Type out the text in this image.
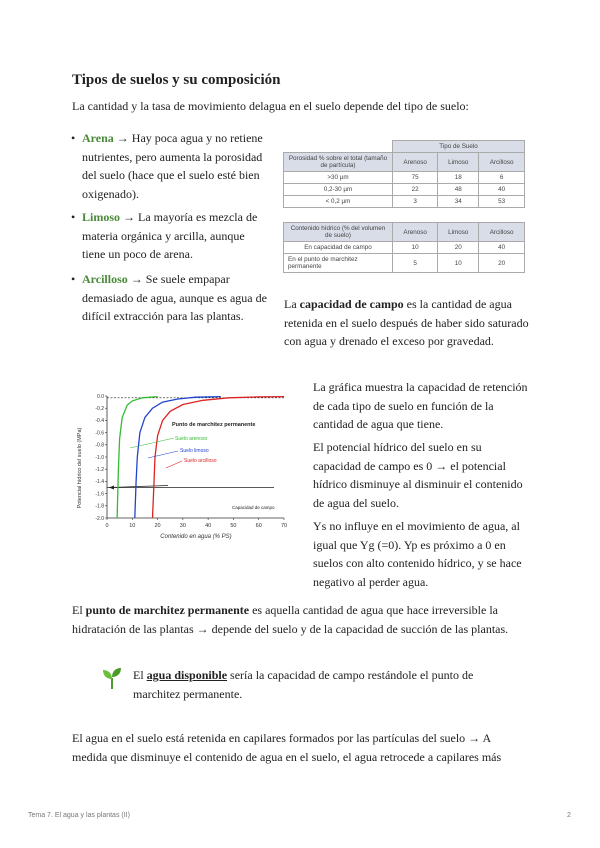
Tipos de suelos y su composición
La cantidad y la tasa de movimiento delagua en el suelo depende del tipo de suelo:
• Arena → Hay poca agua y no retiene nutrientes, pero aumenta la porosidad del suelo (hace que el suelo esté bien oxigenado).
• Limoso → La mayoría es mezcla de materia orgánica y arcilla, aunque tiene un poco de arena.
• Arcilloso → Se suele empapar demasiado de agua, aunque es agua de difícil extracción para las plantas.
	Tipo de Suelo		
Porosidad % sobre el total (tamaño de partícula)	Arenoso	Limoso	Arcilloso
>30 µm	75	18	6
0,2-30 µm	22	48	40
< 0,2 µm	3	34	53
Contenido hídrico (% del volumen de suelo)	Arenoso	Limoso	Arcilloso
En capacidad de campo	10	20	40
En el punto de marchitez permanente	5	10	20
La capacidad de campo es la cantidad de agua retenida en el suelo después de haber sido saturado con agua y drenado el exceso por gravedad.
-2.0
-1.8
-1.6
-1.4
-1.2
-1.0
-0.8
-0.6
-0.4
-0.2
0.0
0	10	20	30	40	50	60	70
Potencial hídrico del suelo (MPa)
Contenido en agua (% PS)
Punto de marchitez permanente
Capacidad de campo
Suelo arenoso
Suelo limoso
Suelo arcilloso
La gráfica muestra la capacidad de retención de cada tipo de suelo en función de la cantidad de agua que tiene.
El potencial hídrico del suelo en su capacidad de campo es 0 → el potencial hídrico disminuye al disminuir el contenido de agua del suelo.
Ys no influye en el movimiento de agua, al igual que Yg (=0). Yp es próximo a 0 en suelos con alto contenido hídrico, y se hace negativo al perder agua.
El punto de marchitez permanente es aquella cantidad de agua que hace irreversible la hidratación de las plantas → depende del suelo y de la capacidad de succión de las plantas.
El agua disponible sería la capacidad de campo restándole el punto de marchitez permanente.
El agua en el suelo está retenida en capilares formados por las partículas del suelo → A medida que disminuye el contenido de agua en el suelo, el agua retrocede a capilares más
Tema 7. El agua y las plantas (II)	2
